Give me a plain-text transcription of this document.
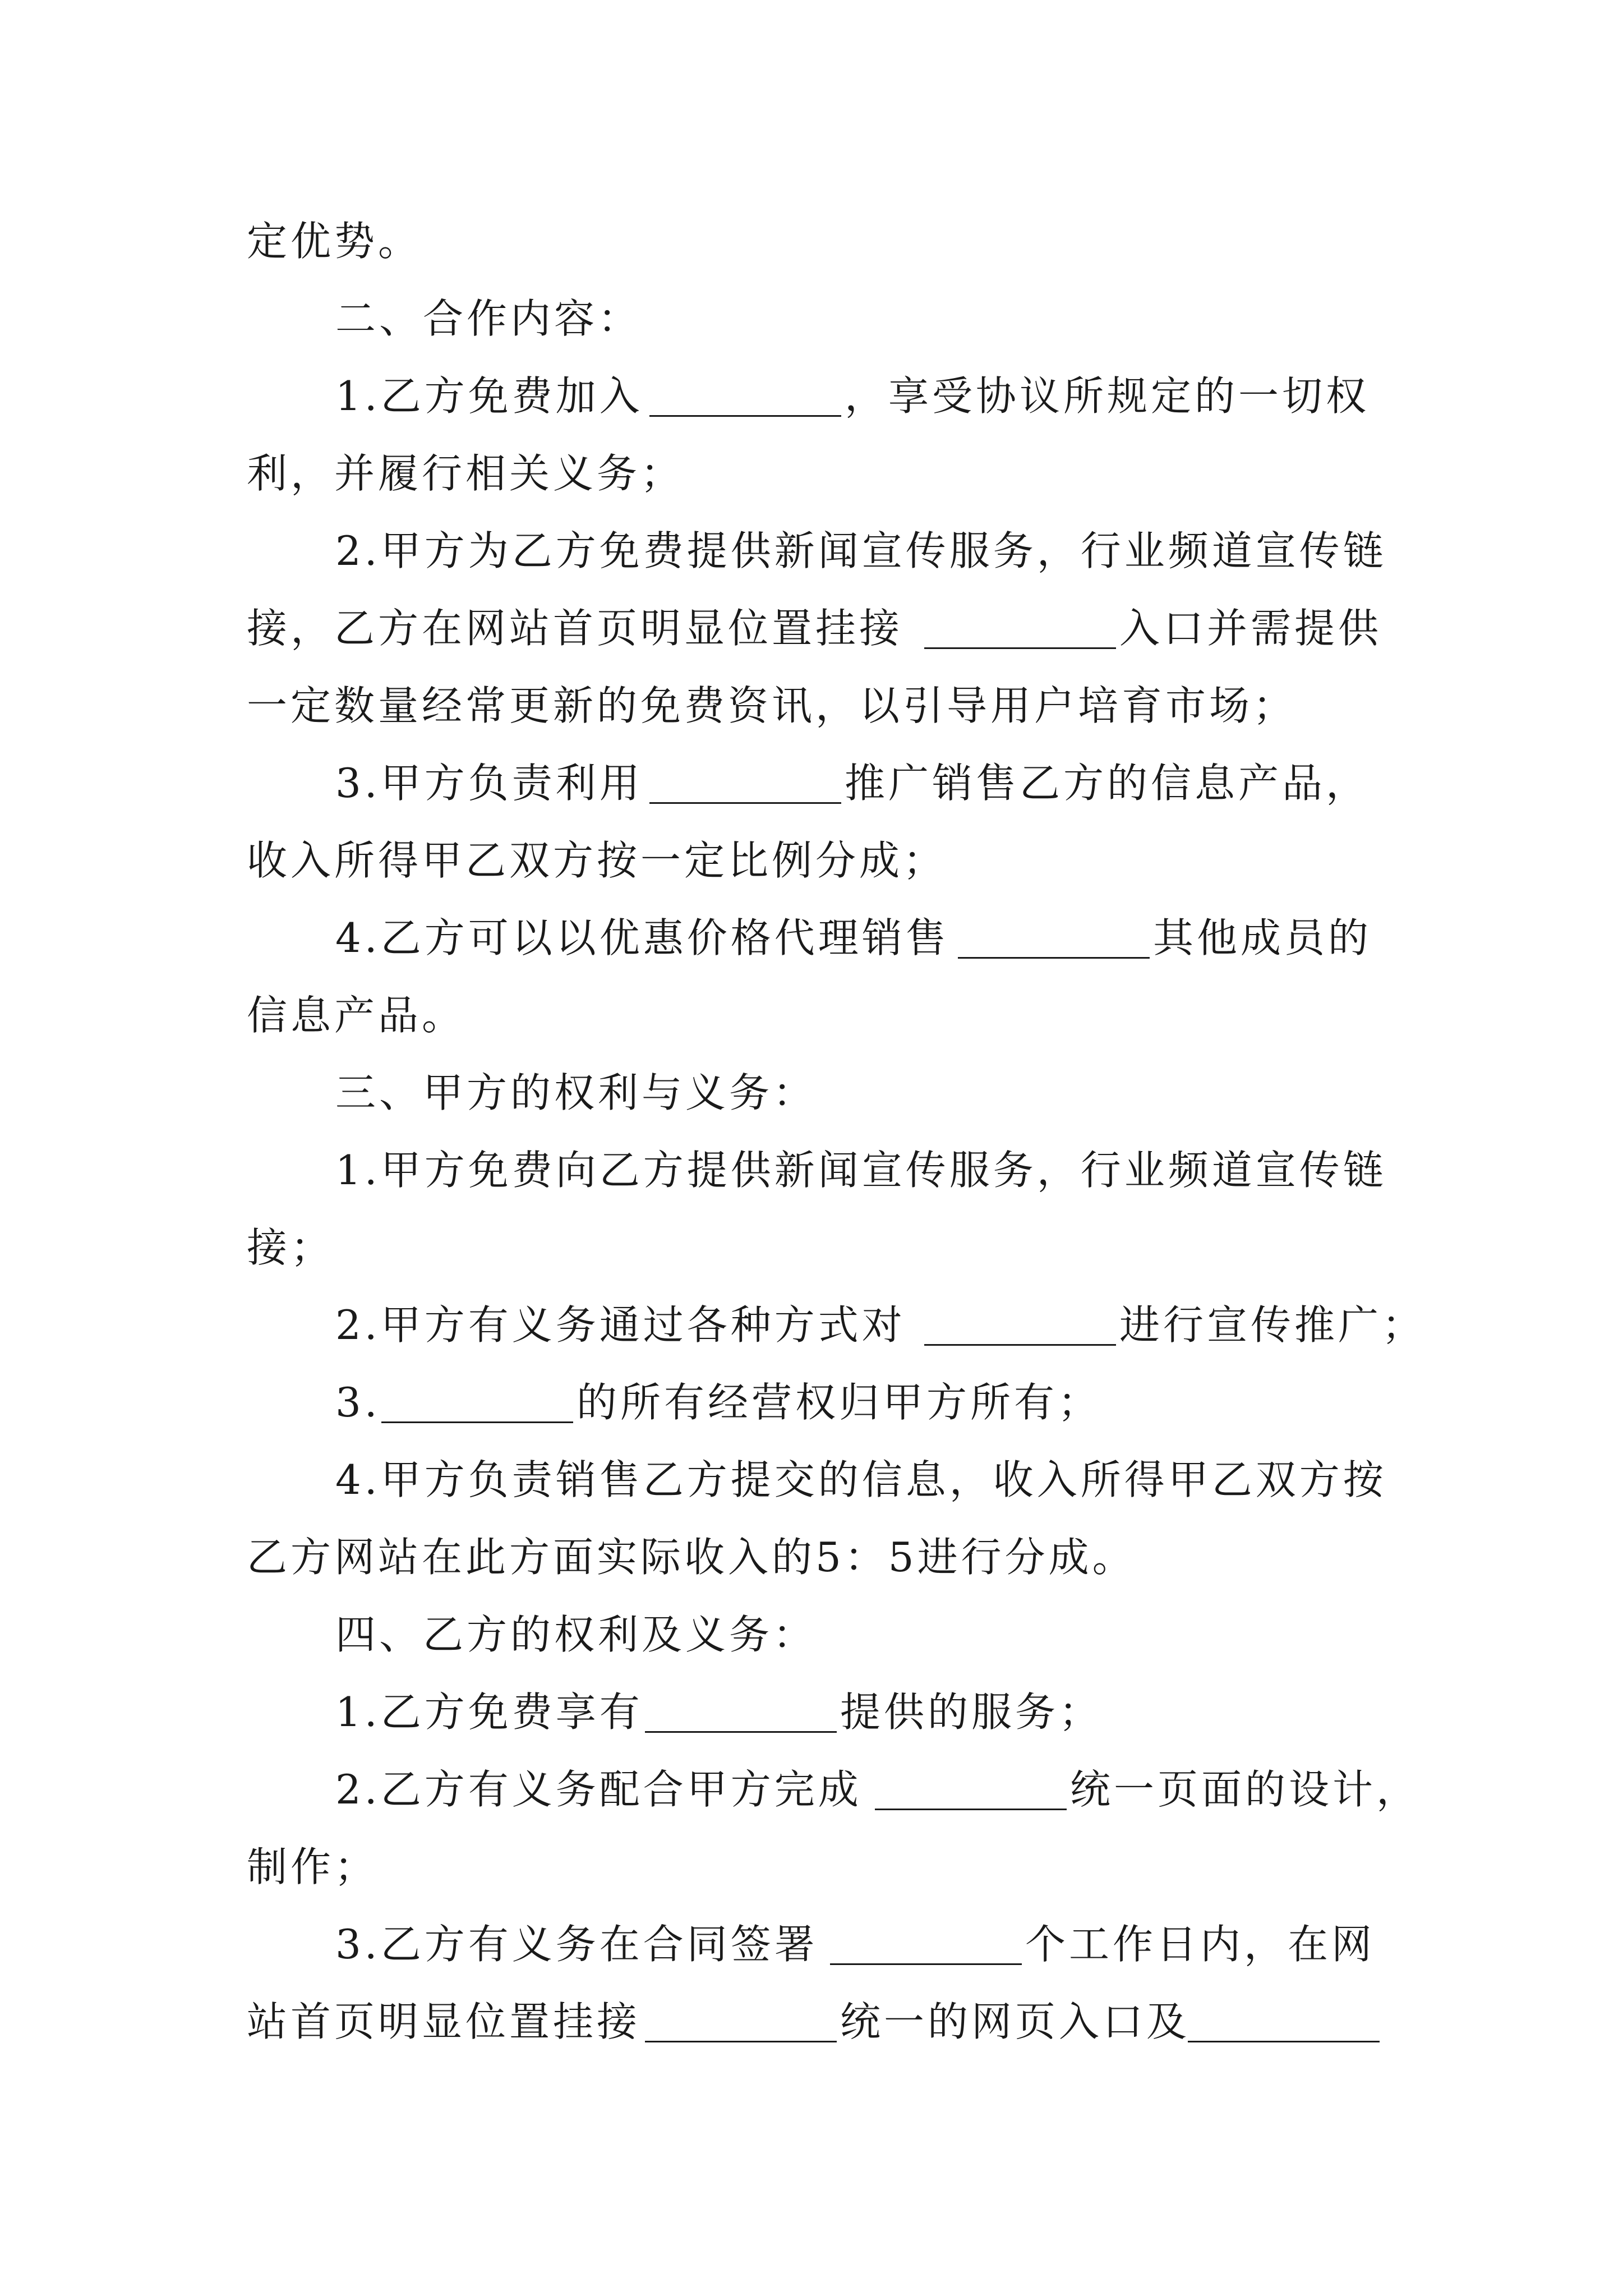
定优势。
二、合作内容：
1.乙方免费加入	，享受协议所规定的一切权
利，并履行相关义务；
2.甲方为乙方免费提供新闻宣传服务，行业频道宣传链
接，乙方在网站首页明显位置挂接	入口并需提供
一定数量经常更新的免费资讯，以引导用户培育市场；
3.甲方负责利用	推广销售乙方的信息产品，
收入所得甲乙双方按一定比例分成；
4.乙方可以以优惠价格代理销售	其他成员的
信息产品。
三、甲方的权利与义务：
1.甲方免费向乙方提供新闻宣传服务，行业频道宣传链
接；
2.甲方有义务通过各种方式对	进行宣传推广；
3.	的所有经营权归甲方所有；
4.甲方负责销售乙方提交的信息，收入所得甲乙双方按
乙方网站在此方面实际收入的5：5进行分成。
四、乙方的权利及义务：
1.乙方免费享有	提供的服务；
2.乙方有义务配合甲方完成	统一页面的设计，
制作；
3.乙方有义务在合同签署	个工作日内，在网
站首页明显位置挂接	统一的网页入口及
